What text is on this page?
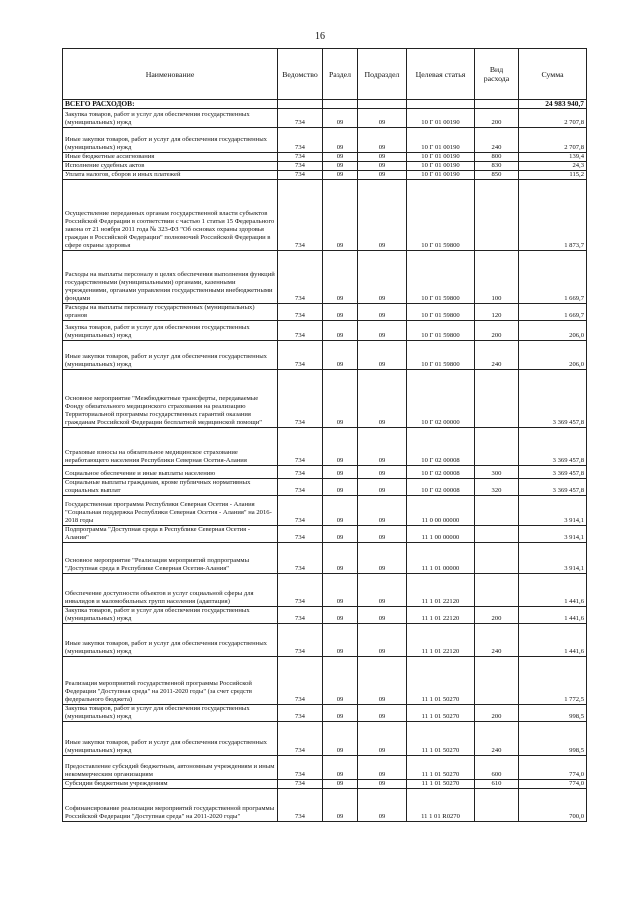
16
Наименование	Ведомство	Раздел	Подраздел	Целевая статья	Вид расхода	Сумма
ВСЕГО РАСХОДОВ:						24 983 940,7
Закупка товаров, работ и услуг для обеспечения государственных (муниципальных) нужд	734	09	09	10 Г 01 00190	200	2 707,8
Иные закупки товаров, работ и услуг для обеспечения государственных (муниципальных) нужд	734	09	09	10 Г 01 00190	240	2 707,8
Иные бюджетные ассигнования	734	09	09	10 Г 01 00190	800	139,4
Исполнение судебных актов	734	09	09	10 Г 01 00190	830	24,3
Уплата налогов, сборов и иных платежей	734	09	09	10 Г 01 00190	850	115,2
Осуществление переданных органам государственной власти субъектов Российской Федерации в соответствии с частью 1 статьи 15 Федерального закона от 21 ноября 2011 года № 323-ФЗ "Об основах охраны здоровья граждан в Российской Федерации" полномочий Российской Федерации в сфере охраны здоровья	734	09	09	10 Г 01 59800		1 873,7
Расходы на выплаты персоналу в целях обеспечения выполнения функций государственными (муниципальными) органами, казенными учреждениями, органами управления государственными внебюджетными фондами	734	09	09	10 Г 01 59800	100	1 669,7
Расходы на выплаты персоналу государственных (муниципальных) органов	734	09	09	10 Г 01 59800	120	1 669,7
Закупка товаров, работ и услуг для обеспечения государственных (муниципальных) нужд	734	09	09	10 Г 01 59800	200	206,0
Иные закупки товаров, работ и услуг для обеспечения государственных (муниципальных) нужд	734	09	09	10 Г 01 59800	240	206,0
Основное мероприятие "Межбюджетные трансферты, передаваемые Фонду обязательного медицинского страхования на реализацию Территориальной программы государственных гарантий оказания гражданам Российской Федерации бесплатной медицинской помощи"	734	09	09	10 Г 02 00000		3 369 457,8
Страховые взносы на обязательное медицинское страхование неработающего населения Республики Северная Осетия-Алания	734	09	09	10 Г 02 00008		3 369 457,8
Социальное обеспечение и иные выплаты населению	734	09	09	10 Г 02 00008	300	3 369 457,8
Социальные выплаты гражданам, кроме публичных нормативных социальных выплат	734	09	09	10 Г 02 00008	320	3 369 457,8
Государственная программа Республики Северная Осетия - Алания "Социальная поддержка Республики Северная Осетия - Алания" на 2016-2018 годы	734	09	09	11 0 00 00000		3 914,1
Подпрограмма "Доступная среда в Республике Северная Осетия - Алания"	734	09	09	11 1 00 00000		3 914,1
Основное мероприятие "Реализация мероприятий подпрограммы "Доступная среда в Республике Северная Осетия-Алания"	734	09	09	11 1 01 00000		3 914,1
Обеспечение доступности объектов и услуг социальной сферы для инвалидов и маломобильных групп населения (адаптация)	734	09	09	11 1 01 22120		1 441,6
Закупка товаров, работ и услуг для обеспечения государственных (муниципальных) нужд	734	09	09	11 1 01 22120	200	1 441,6
Иные закупки товаров, работ и услуг для обеспечения государственных (муниципальных) нужд	734	09	09	11 1 01 22120	240	1 441,6
Реализация мероприятий государственной программы Российской Федерации "Доступная среда" на 2011-2020 годы" (за счет средств федерального бюджета)	734	09	09	11 1 01 50270		1 772,5
Закупка товаров, работ и услуг для обеспечения государственных (муниципальных) нужд	734	09	09	11 1 01 50270	200	998,5
Иные закупки товаров, работ и услуг для обеспечения государственных (муниципальных) нужд	734	09	09	11 1 01 50270	240	998,5
Предоставление субсидий бюджетным, автономным учреждениям и иным некоммерческим организациям	734	09	09	11 1 01 50270	600	774,0
Субсидии бюджетным учреждениям	734	09	09	11 1 01 50270	610	774,0
Софинансирование реализации мероприятий государственной программы Российской Федерации "Доступная среда" на 2011-2020 годы"	734	09	09	11 1 01 R0270		700,0
